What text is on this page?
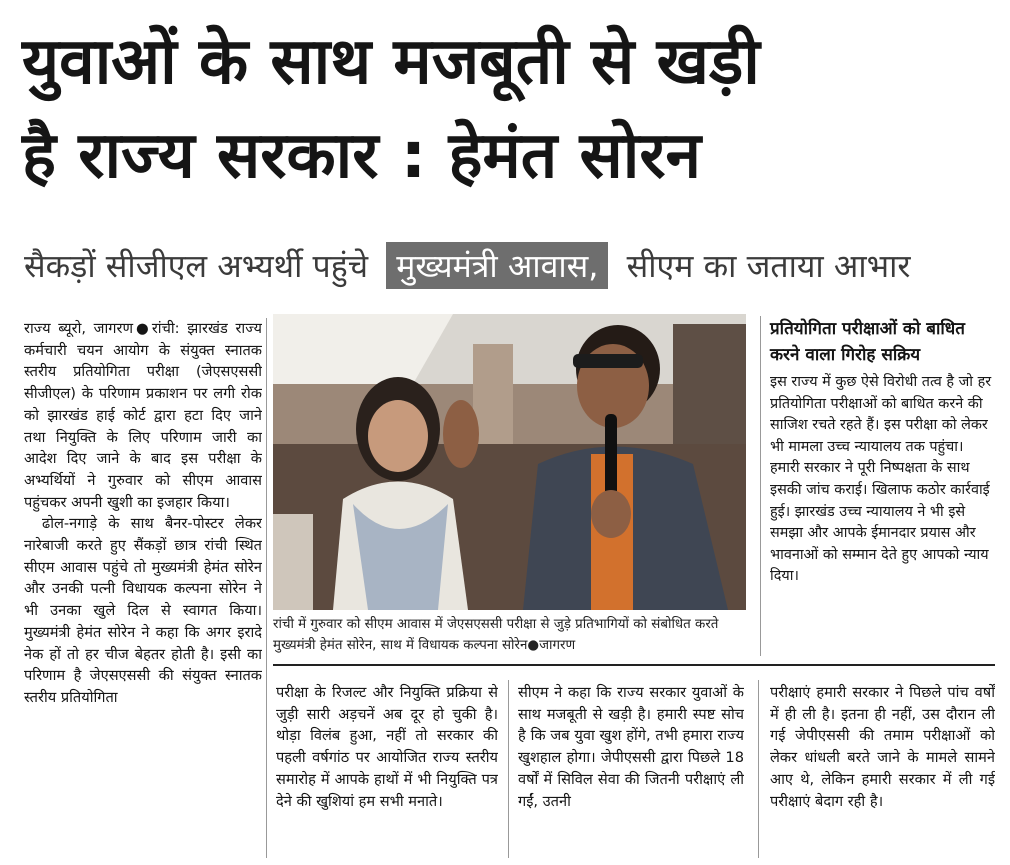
युवाओं के साथ मजबूती से खड़ी
है राज्य सरकार : हेमंत सोरन
सैकड़ों सीजीएल अभ्यर्थी पहुंचे मुख्यमंत्री आवास, सीएम का जताया आभार

राज्य ब्यूरो, जागरण●रांची: झारखंड राज्य कर्मचारी चयन आयोग के संयुक्त स्नातक स्तरीय प्रतियोगिता परीक्षा (जेएसएससी सीजीएल) के परिणाम प्रकाशन पर लगी रोक को झारखंड हाई कोर्ट द्वारा हटा दिए जाने तथा नियुक्ति के लिए परिणाम जारी का आदेश दिए जाने के बाद इस परीक्षा के अभ्यर्थियों ने गुरुवार को सीएम आवास पहुंचकर अपनी खुशी का इजहार किया।

ढोल-नगाड़े के साथ बैनर-पोस्टर लेकर नारेबाजी करते हुए सैंकड़ों छात्र रांची स्थित सीएम आवास पहुंचे तो मुख्यमंत्री हेमंत सोरेन और उनकी पत्नी विधायक कल्पना सोरेन ने भी उनका खुले दिल से स्वागत किया। मुख्यमंत्री हेमंत सोरेन ने कहा कि अगर इरादे नेक हों तो हर चीज बेहतर होती है। इसी का परिणाम है जेएसएससी की संयुक्त स्नातक स्तरीय प्रतियोगिता

रांची में गुरुवार को सीएम आवास में जेएसएससी परीक्षा से जुड़े प्रतिभागियों को संबोधित करते मुख्यमंत्री हेमंत सोरेन, साथ में विधायक कल्पना सोरेन●जागरण
प्रतियोगिता परीक्षाओं को बाधित करने वाला गिरोह सक्रिय
इस राज्य में कुछ ऐसे विरोधी तत्व है जो हर प्रतियोगिता परीक्षाओं को बाधित करने की साजिश रचते रहते हैं। इस परीक्षा को लेकर भी मामला उच्च न्यायालय तक पहुंचा। हमारी सरकार ने पूरी निष्पक्षता के साथ इसकी जांच कराई। खिलाफ कठोर कार्रवाई हुई। झारखंड उच्च न्यायालय ने भी इसे समझा और आपके ईमानदार प्रयास और भावनाओं को सम्मान देते हुए आपको न्याय दिया।

परीक्षा के रिजल्ट और नियुक्ति प्रक्रिया से जुड़ी सारी अड़चनें अब दूर हो चुकी है। थोड़ा विलंब हुआ, नहीं तो सरकार की पहली वर्षगांठ पर आयोजित राज्य स्तरीय समारोह में आपके हाथों में भी नियुक्ति पत्र देने की खुशियां हम सभी मनाते।

सीएम ने कहा कि राज्य सरकार युवाओं के साथ मजबूती से खड़ी है। हमारी स्पष्ट सोच है कि जब युवा खुश होंगे, तभी हमारा राज्य खुशहाल होगा। जेपीएससी द्वारा पिछले 18 वर्षों में सिविल सेवा की जितनी परीक्षाएं ली गईं, उतनी

परीक्षाएं हमारी सरकार ने पिछले पांच वर्षों में ही ली है। इतना ही नहीं, उस दौरान ली गई जेपीएससी की तमाम परीक्षाओं को लेकर धांधली बरते जाने के मामले सामने आए थे, लेकिन हमारी सरकार में ली गई परीक्षाएं बेदाग रही है।
